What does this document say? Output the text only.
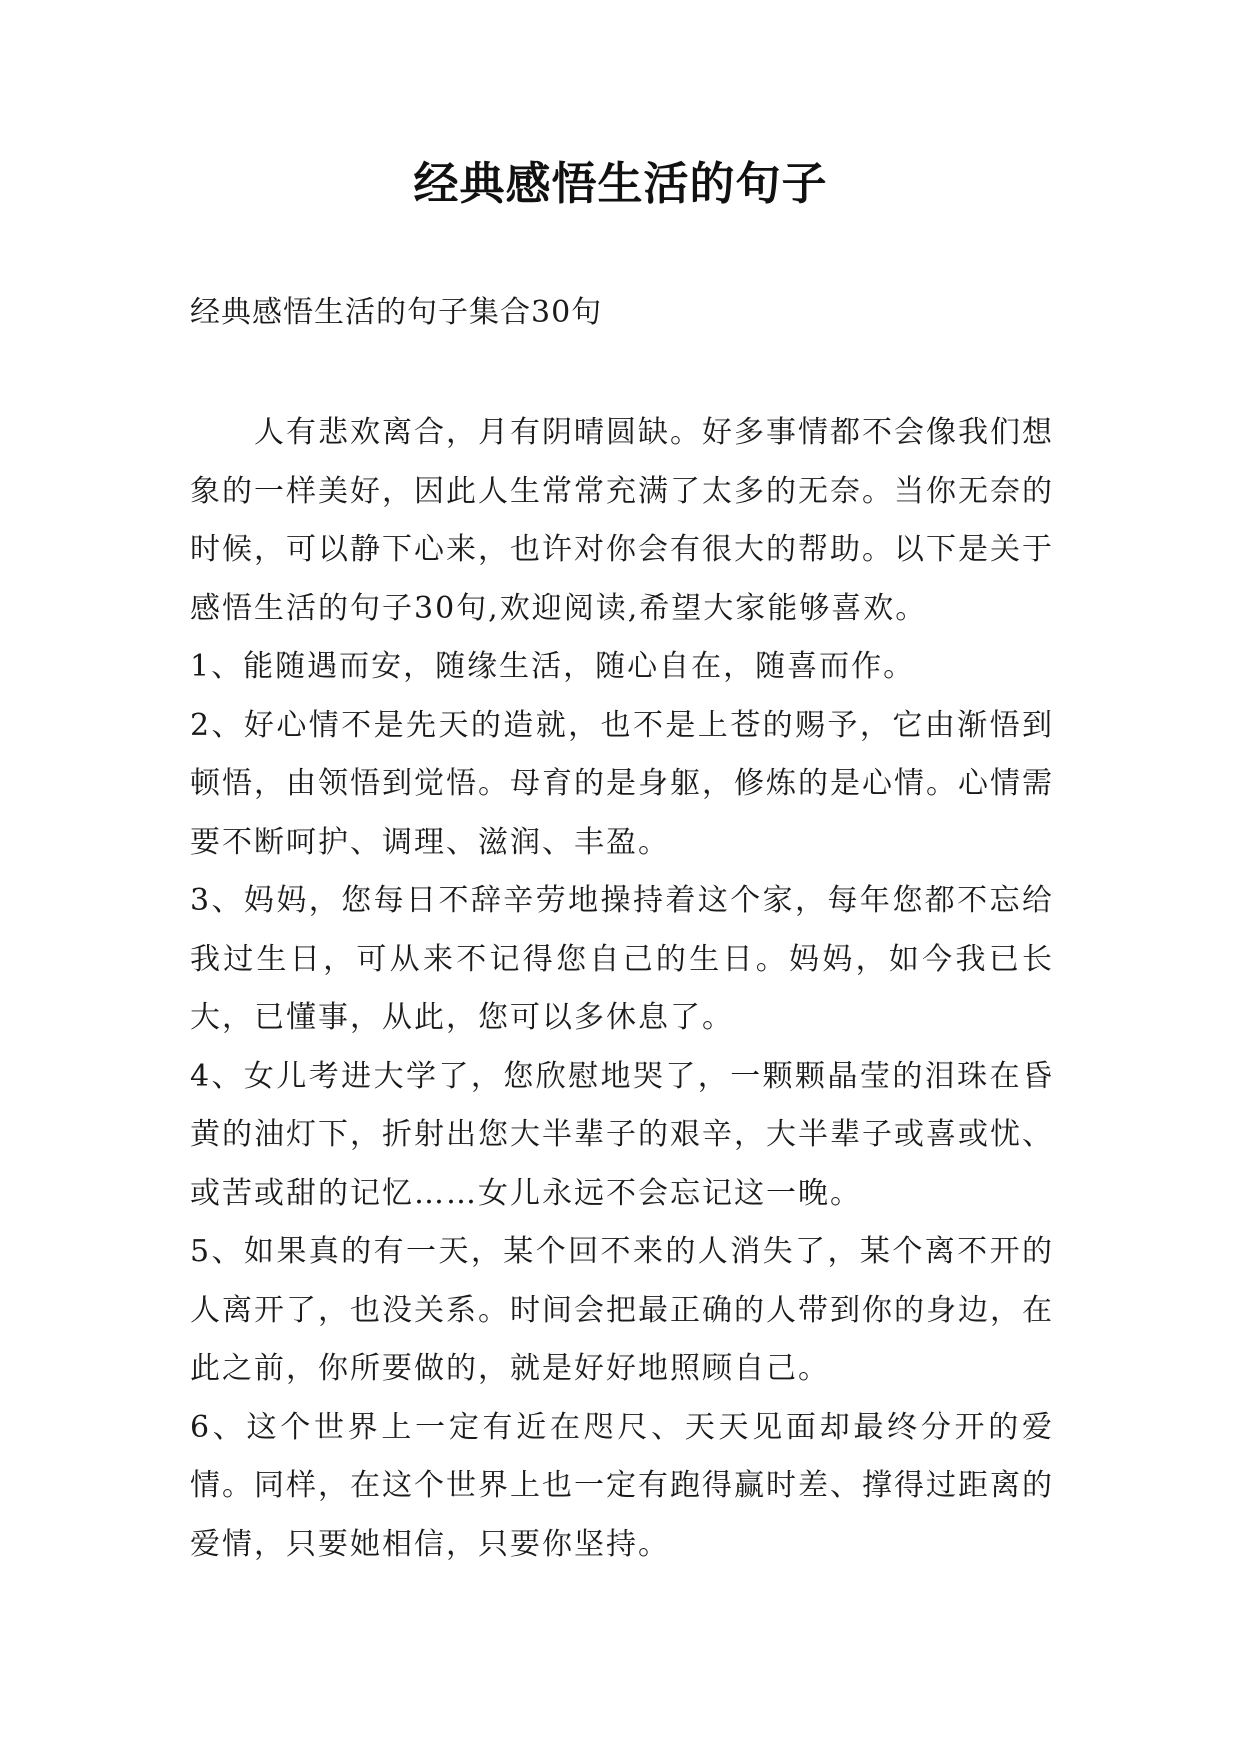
经典感悟生活的句子
经典感悟生活的句子集合30句

人有悲欢离合，月有阴晴圆缺。好多事情都不会像我们想象的一样美好，因此人生常常充满了太多的无奈。当你无奈的时候，可以静下心来，也许对你会有很大的帮助。以下是关于感悟生活的句子30句,欢迎阅读,希望大家能够喜欢。

1、能随遇而安，随缘生活，随心自在，随喜而作。

2、好心情不是先天的造就，也不是上苍的赐予，它由渐悟到顿悟，由领悟到觉悟。母育的是身躯，修炼的是心情。心情需要不断呵护、调理、滋润、丰盈。

3、妈妈，您每日不辞辛劳地操持着这个家，每年您都不忘给我过生日，可从来不记得您自己的生日。妈妈，如今我已长大，已懂事，从此，您可以多休息了。

4、女儿考进大学了，您欣慰地哭了，一颗颗晶莹的泪珠在昏黄的油灯下，折射出您大半辈子的艰辛，大半辈子或喜或忧、或苦或甜的记忆……女儿永远不会忘记这一晚。

5、如果真的有一天，某个回不来的人消失了，某个离不开的人离开了，也没关系。时间会把最正确的人带到你的身边，在此之前，你所要做的，就是好好地照顾自己。

6、这个世界上一定有近在咫尺、天天见面却最终分开的爱情。同样，在这个世界上也一定有跑得赢时差、撑得过距离的爱情，只要她相信，只要你坚持。
